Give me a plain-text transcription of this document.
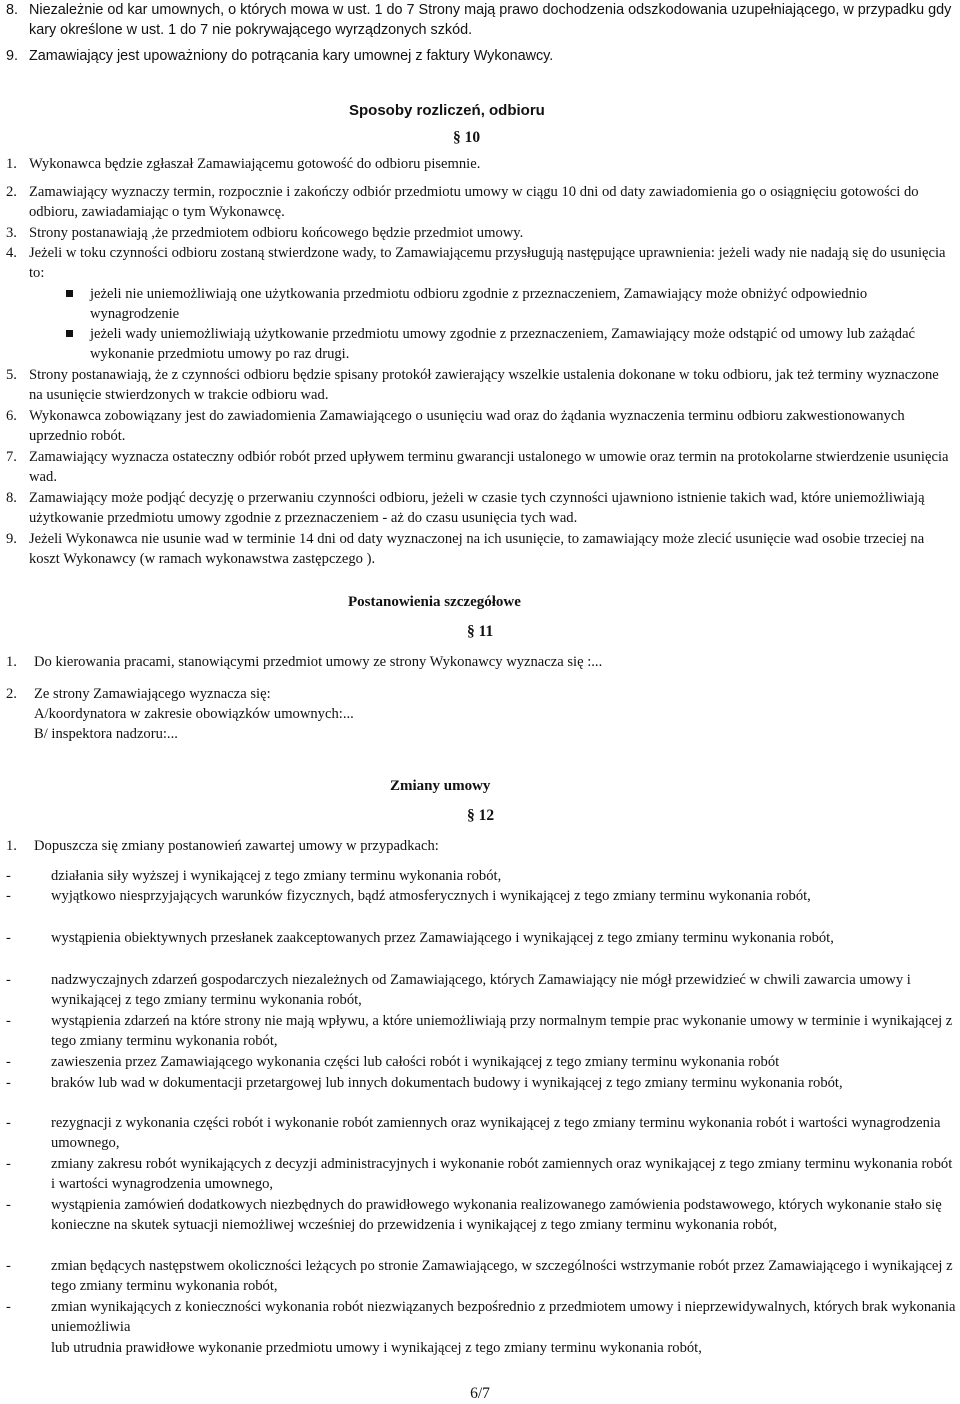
8. Niezależnie od kar umownych, o których mowa w ust. 1 do 7 Strony mają prawo dochodzenia odszkodowania uzupełniającego, w przypadku gdy kary określone w ust. 1 do 7 nie pokrywającego wyrządzonych szkód.
9. Zamawiający jest upoważniony do potrącania kary umownej z faktury Wykonawcy.
Sposoby rozliczeń, odbioru
§ 10
1. Wykonawca będzie zgłaszał Zamawiającemu gotowość do odbioru pisemnie.
2. Zamawiający wyznaczy termin, rozpocznie i zakończy odbiór przedmiotu umowy w ciągu 10 dni od daty zawiadomienia go o osiągnięciu gotowości do odbioru, zawiadamiając o tym Wykonawcę.
3. Strony postanawiają ,że przedmiotem odbioru końcowego będzie przedmiot umowy.
4. Jeżeli w toku czynności odbioru zostaną stwierdzone wady, to Zamawiającemu przysługują następujące uprawnienia: jeżeli wady nie nadają się do usunięcia to:
jeżeli nie uniemożliwiają one użytkowania przedmiotu odbioru zgodnie z przeznaczeniem, Zamawiający może obniżyć odpowiednio wynagrodzenie
jeżeli wady uniemożliwiają użytkowanie przedmiotu umowy zgodnie z przeznaczeniem, Zamawiający może odstąpić od umowy lub zażądać wykonanie przedmiotu umowy po raz drugi.
5. Strony postanawiają, że z czynności odbioru będzie spisany protokół zawierający wszelkie ustalenia dokonane w toku odbioru, jak też terminy wyznaczone na usunięcie stwierdzonych w trakcie odbioru wad.
6. Wykonawca zobowiązany jest do zawiadomienia Zamawiającego o usunięciu wad oraz do żądania wyznaczenia terminu odbioru zakwestionowanych uprzednio robót.
7. Zamawiający wyznacza ostateczny odbiór robót przed upływem terminu gwarancji ustalonego w umowie oraz termin na protokolarne stwierdzenie usunięcia wad.
8. Zamawiający może podjąć decyzję o przerwaniu czynności odbioru, jeżeli w czasie tych czynności ujawniono istnienie takich wad, które uniemożliwiają użytkowanie przedmiotu umowy zgodnie z przeznaczeniem - aż do czasu usunięcia tych wad.
9. Jeżeli Wykonawca nie usunie wad w terminie 14 dni od daty wyznaczonej na ich usunięcie, to zamawiający może zlecić usunięcie wad osobie trzeciej na koszt Wykonawcy (w ramach wykonawstwa zastępczego ).
Postanowienia szczegółowe
§ 11
1.	Do kierowania pracami, stanowiącymi przedmiot umowy ze strony Wykonawcy wyznacza się :...
2.	Ze strony Zamawiającego wyznacza się:
A/koordynatora w zakresie obowiązków umownych:...
B/ inspektora nadzoru:...
Zmiany umowy
§ 12
1.	Dopuszcza się zmiany postanowień zawartej umowy w przypadkach:
-	działania siły wyższej i wynikającej z tego zmiany terminu wykonania robót,
-	wyjątkowo niesprzyjających warunków fizycznych, bądź atmosferycznych i wynikającej z tego zmiany terminu wykonania robót,
-	wystąpienia obiektywnych przesłanek zaakceptowanych przez Zamawiającego i wynikającej z tego zmiany terminu wykonania robót,
-	nadzwyczajnych zdarzeń gospodarczych niezależnych od Zamawiającego, których Zamawiający nie mógł przewidzieć w chwili zawarcia umowy i wynikającej z tego zmiany terminu wykonania robót,
-	wystąpienia zdarzeń na które strony nie mają wpływu, a które uniemożliwiają przy normalnym tempie prac wykonanie umowy w terminie i wynikającej z tego zmiany terminu wykonania robót,
-	zawieszenia przez Zamawiającego wykonania części lub całości robót i wynikającej z tego zmiany terminu wykonania robót
-	braków lub wad w dokumentacji przetargowej lub innych dokumentach budowy i wynikającej z tego zmiany terminu wykonania robót,
-	rezygnacji z wykonania części robót i wykonanie robót zamiennych oraz wynikającej z tego zmiany terminu wykonania robót i wartości wynagrodzenia umownego,
-	zmiany zakresu robót wynikających z decyzji administracyjnych i wykonanie robót zamiennych oraz wynikającej z tego zmiany terminu wykonania robót i wartości wynagrodzenia umownego,
-	wystąpienia zamówień dodatkowych niezbędnych do prawidłowego wykonania realizowanego zamówienia podstawowego, których wykonanie stało się konieczne na skutek sytuacji niemożliwej wcześniej do przewidzenia i wynikającej z tego zmiany terminu wykonania robót,
-	zmian będących następstwem okoliczności leżących po stronie Zamawiającego, w szczególności wstrzymanie robót przez Zamawiającego i wynikającej z tego zmiany terminu wykonania robót,
-	zmian wynikających z konieczności wykonania robót niezwiązanych bezpośrednio z przedmiotem umowy i nieprzewidywalnych, których brak wykonania uniemożliwia
lub utrudnia prawidłowe wykonanie przedmiotu umowy i wynikającej z tego zmiany terminu wykonania robót,
6/7
